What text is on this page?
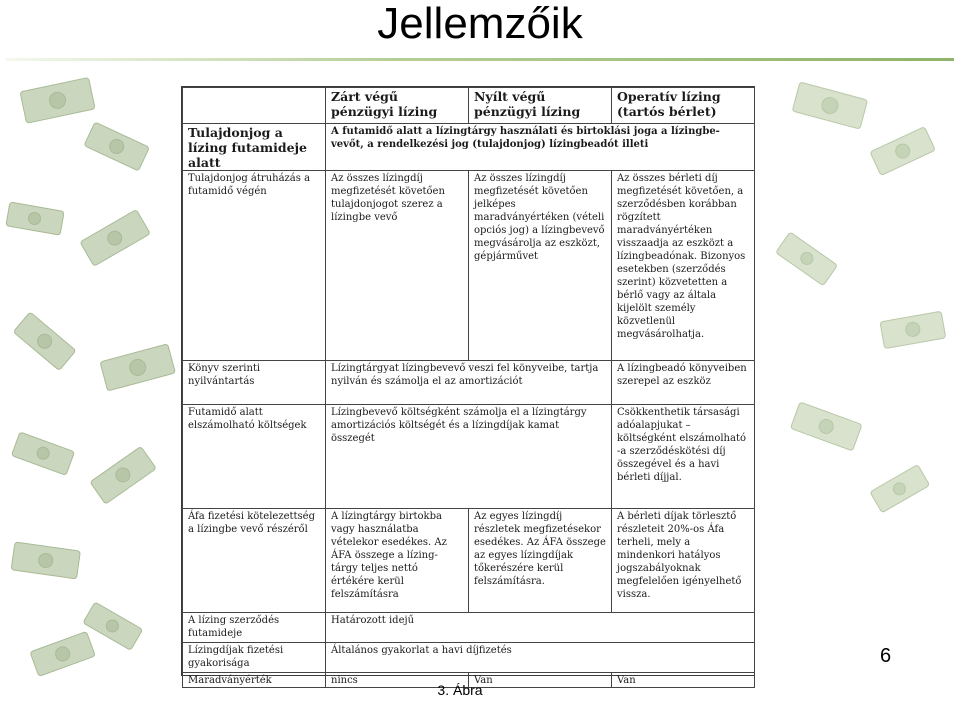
Jellemzőik
	Zárt végű pénzügyi lízing	Nyílt végű pénzügyi lízing	Operatív lízing (tartós bérlet)
Tulajdonjog a lízing futamideje alatt	A futamidő alatt a lízingtárgy használati és birtoklási joga a lízingbe-vevőt, a rendelkezési jog (tulajdonjog) lízingbeadót illeti		
Tulajdonjog átruházás a futamidő végén	Az összes lízingdíj megfizetését követően tulajdonjogot szerez a lízingbe vevő	Az összes lízingdíj megfizetését követően jelképes maradványértéken (vételi opciós jog) a lízingbevevő megvásárolja az eszközt, gépjárművet	Az összes bérleti díj megfizetését követően, a szerződésben korábban rögzített maradványértéken visszaadja az eszközt a lízingbeadónak. Bizonyos esetekben (szerződés szerint) közvetetten a bérlő vagy az általa kijelölt személy közvetlenül megvásárolhatja.
Könyv szerinti nyilvántartás	Lízingtárgyat lízingbevevő veszi fel könyveibe, tartja nyilván és számolja el az amortizációt		A lízingbeadó könyveiben szerepel az eszköz
Futamidő alatt elszámolható költségek	Lízingbevevő költségként számolja el a lízingtárgy amortizációs költségét és a lízingdíjak kamat összegét		Csökkenthetik társasági adóalapjukat – költségként elszámolható -a szerződéskötési díj összegével és a havi bérleti díjjal.
Áfa fizetési kötelezettség a lízingbe vevő részéről	A lízingtárgy birtokba vagy használatba vételekor esedékes. Az ÁFA összege a lízing-tárgy teljes nettó értékére kerül felszámításra	Az egyes lízingdíj részletek megfizetésekor esedékes. Az ÁFA összege az egyes lízingdíjak tőkerészére kerül felszámításra.	A bérleti díjak törlesztő részleteit 20%-os Áfa terheli, mely a mindenkori hatályos jogszabályoknak megfelelően igényelhető vissza.
A lízing szerződés futamideje	Határozott idejű		
Lízingdíjak fizetési gyakorisága	Általános gyakorlat a havi díjfizetés		
Maradványérték	nincs	Van	Van
6
3. Ábra
